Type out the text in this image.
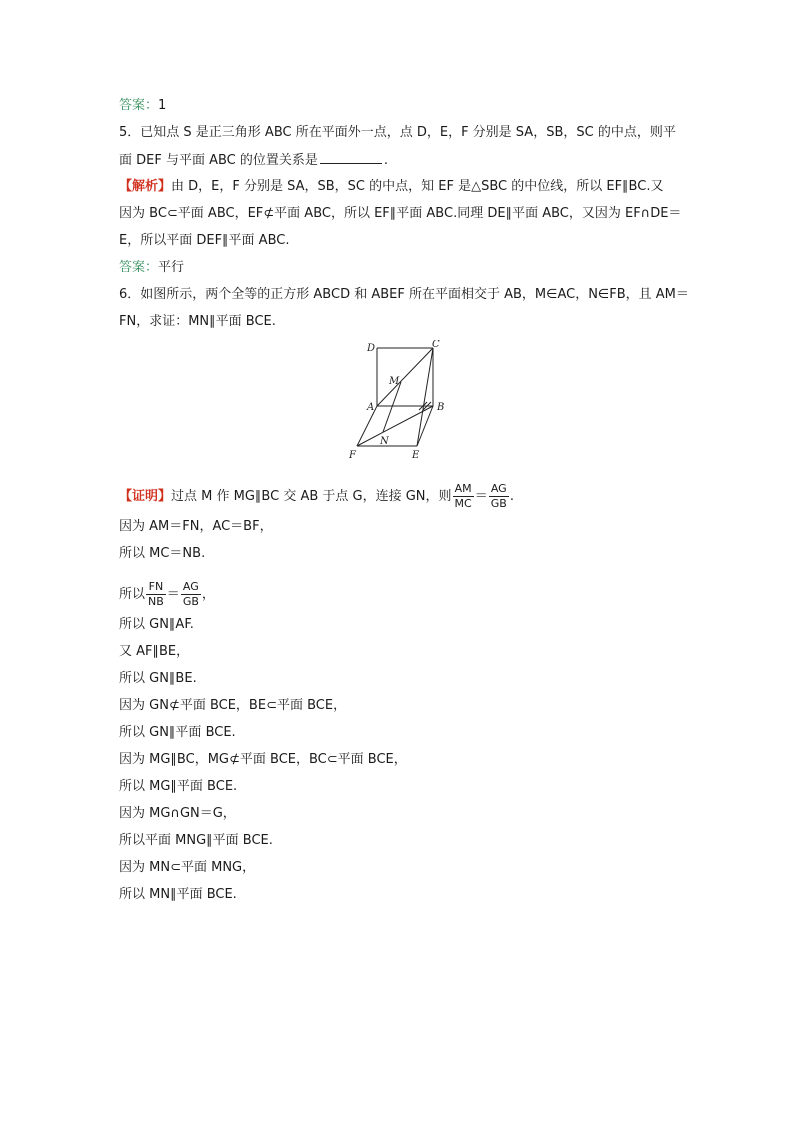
答案：1
5．已知点 S 是正三角形 ABC 所在平面外一点，点 D，E，F 分别是 SA，SB，SC 的中点，则平
面 DEF 与平面 ABC 的位置关系是	.
【解析】由 D，E，F 分别是 SA，SB，SC 的中点，知 EF 是△SBC 的中位线，所以 EF∥BC.又
因为 BC⊂平面 ABC，EF⊄平面 ABC，所以 EF∥平面 ABC.同理 DE∥平面 ABC，又因为 EF∩DE＝
E，所以平面 DEF∥平面 ABC.
答案：平行
6．如图所示，两个全等的正方形 ABCD 和 ABEF 所在平面相交于 AB，M∈AC，N∈FB，且 AM＝
FN，求证：MN∥平面 BCE.
D	C
M
A	B
N
F	E
【证明】过点 M 作 MG∥BC 交 AB 于点 G，连接 GN，则 $\frac{AM}{MC} = \frac{AG}{GB}$ .
因为 AM＝FN，AC＝BF，
所以 MC＝NB.
所以 $\frac{FN}{NB} = \frac{AG}{GB}$ ，
所以 GN∥AF.
又 AF∥BE，
所以 GN∥BE.
因为 GN⊄平面 BCE，BE⊂平面 BCE，
所以 GN∥平面 BCE.
因为 MG∥BC，MG⊄平面 BCE，BC⊂平面 BCE，
所以 MG∥平面 BCE.
因为 MG∩GN＝G，
所以平面 MNG∥平面 BCE.
因为 MN⊂平面 MNG，
所以 MN∥平面 BCE.
